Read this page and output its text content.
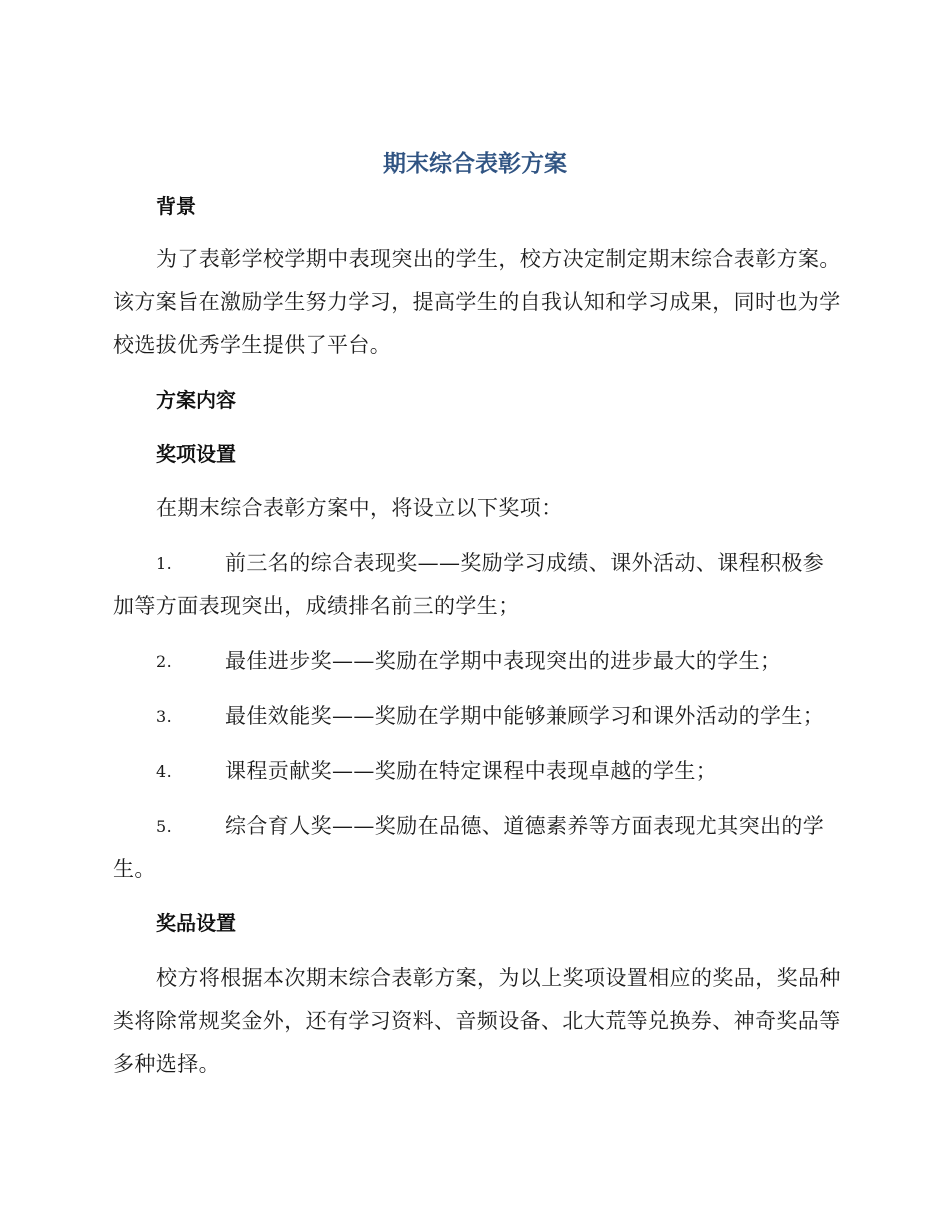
期末综合表彰方案
背景
为了表彰学校学期中表现突出的学生，校方决定制定期末综合表彰方案。该方案旨在激励学生努力学习，提高学生的自我认知和学习成果，同时也为学校选拔优秀学生提供了平台。
方案内容
奖项设置
在期末综合表彰方案中，将设立以下奖项：
1.	前三名的综合表现奖——奖励学习成绩、课外活动、课程积极参加等方面表现突出，成绩排名前三的学生；
2.	最佳进步奖——奖励在学期中表现突出的进步最大的学生；
3.	最佳效能奖——奖励在学期中能够兼顾学习和课外活动的学生；
4.	课程贡献奖——奖励在特定课程中表现卓越的学生；
5.	综合育人奖——奖励在品德、道德素养等方面表现尤其突出的学生。
奖品设置
校方将根据本次期末综合表彰方案，为以上奖项设置相应的奖品，奖品种类将除常规奖金外，还有学习资料、音频设备、北大荒等兑换券、神奇奖品等多种选择。
